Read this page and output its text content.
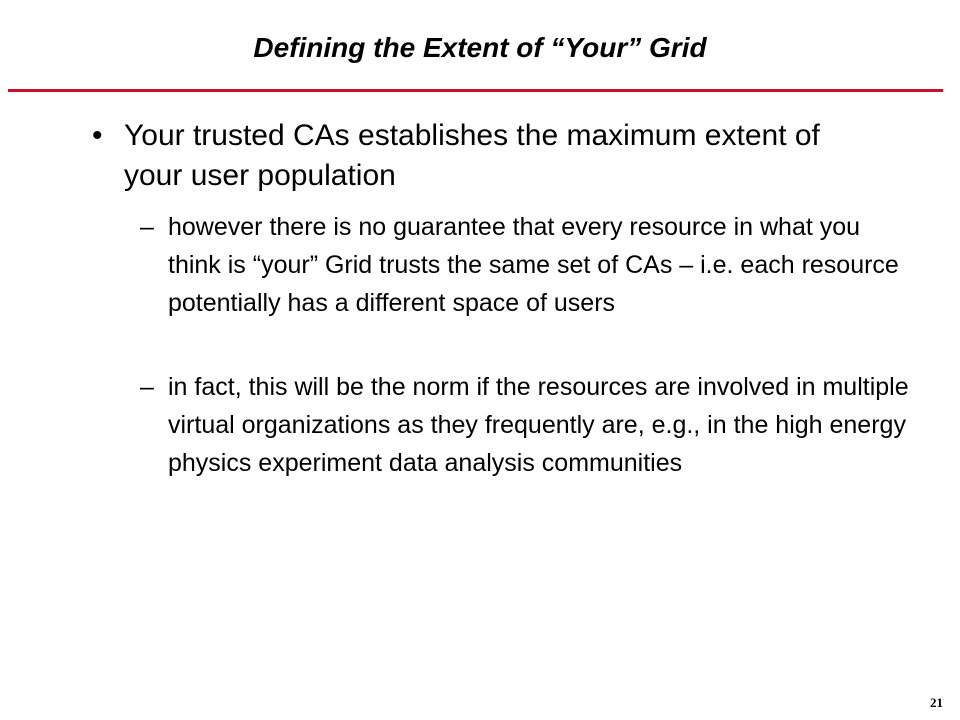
Defining the Extent of “Your” Grid
• Your trusted CAs establishes the maximum extent of your user population
– however there is no guarantee that every resource in what you think is “your” Grid trusts the same set of CAs – i.e. each resource potentially has a different space of users
– in fact, this will be the norm if the resources are involved in multiple virtual organizations as they frequently are, e.g., in the high energy physics experiment data analysis communities
21
